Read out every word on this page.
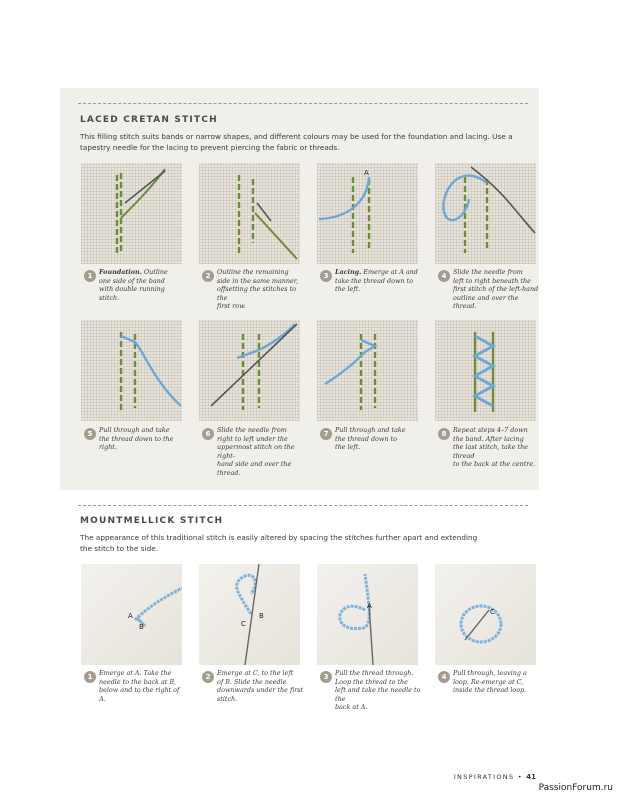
LACED CRETAN STITCH

This filling stitch suits bands or narrow shapes, and different colours may be used for the foundation and lacing. Use a
tapestry needle for the lacing to prevent piercing the fabric or threads.

A
1	Foundation. Outline
one side of the band
with double running stitch.

2	Outline the remaining
side in the same manner,
offsetting the stitches to the
first row.

3	Lacing. Emerge at A and
take the thread down to
the left.

4	Slide the needle from
left to right beneath the
first stitch of the left-hand
outline and over the thread.

5	Pull through and take
the thread down to the
right.

6	Slide the needle from
right to left under the
uppermost stitch on the right-
hand side and over the thread.

7	Pull through and take
the thread down to
the left.

8	Repeat steps 4–7 down
the band. After lacing
the last stitch, take the thread
to the back at the centre.

MOUNTMELLICK STITCH

The appearance of this traditional stitch is easily altered by spacing the stitches further apart and extending
the stitch to the side.

A
B	C
B
A
C
1	Emerge at A. Take the
needle to the back at B,
below and to the right of A.

2	Emerge at C, to the left
of B. Slide the needle
downwards under the first
stitch.

3	Pull the thread through.
Loop the thread to the
left and take the needle to the
back at A.

4	Pull through, leaving a
loop. Re-emerge at C,
inside the thread loop.

INSPIRATIONS • 41
PassionForum.ru
